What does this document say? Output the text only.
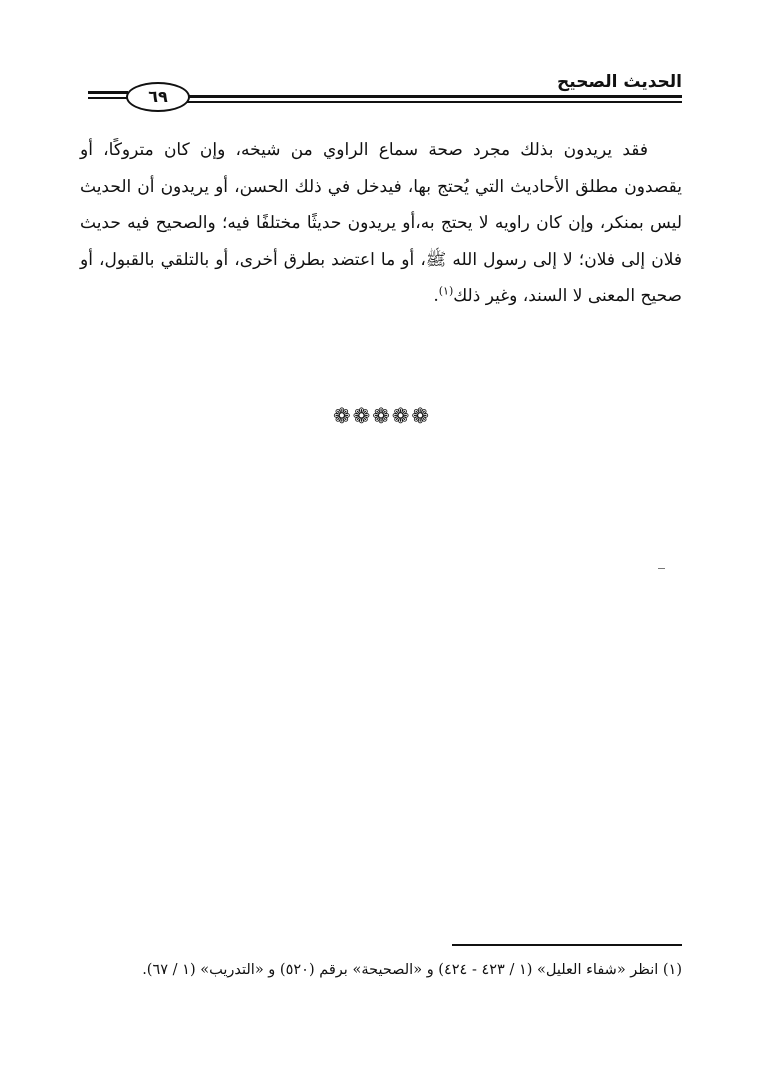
الحديث الصحيح
٦٩

فقد يريدون بذلك مجرد صحة سماع الراوي من شيخه، وإن كان متروكًا، أو يقصدون مطلق الأحاديث التي يُحتج بها، فيدخل في ذلك الحسن، أو يريدون أن الحديث ليس بمنكر، وإن كان راويه لا يحتج به،أو يريدون حديثًا مختلفًا فيه؛ والصحيح فيه حديث فلان إلى فلان؛ لا إلى رسول الله ﷺ، أو ما اعتضد بطرق أخرى، أو بالتلقي بالقبول، أو صحيح المعنى لا السند، وغير ذلك$^{(١)}$.

❁❁❁❁❁
(١) انظر «شفاء العليل» (١ / ٤٢٣ - ٤٢٤) و «الصحيحة» برقم (٥٢٠) و «التدريب» (١ / ٦٧).
